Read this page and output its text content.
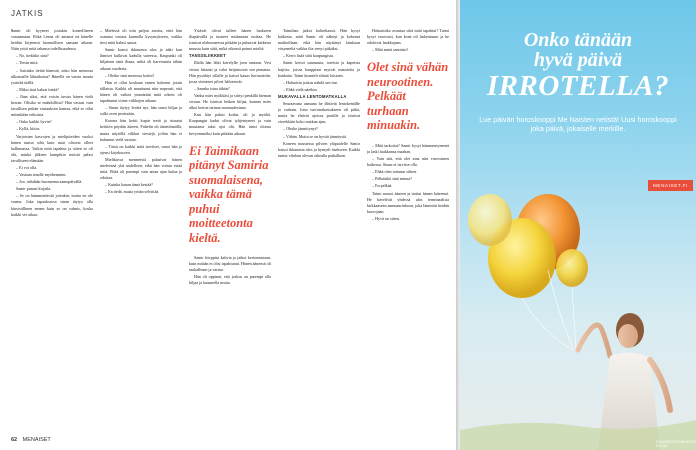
JATKIS

Samir oli kyyneet jostakin koneelliseen vastaamaan. Ehkä Leena oli antanut nä hänelle heidän kirjeensä luonnollisen samaan aikaan. Näin yritti mitä tahansa todellisuudessa.

– No, tiedätkö sinä?

– Tiesin mitä

– Saisinko tietää hänestä, onko hän menossa ulkomaille lähiaikoina? Hänellä on varsin monta ystävää täällä.

– Miksi sinä haluat tietää?

– Ihan siksi, että voisin tavata hänen vielä kerran. Olisiko se mahdollista? Hän vastasi vain tavallisen pitkän vastauksen kanssa, eikä se ollut mitenkään erikoista.

– Onko kaikki hyvin?

– Kyllä, kiitos.

Varjoisten kasvojen ja mielipiteiden vuoksi hänen tuntui siltä kuin asiat olisivat olleet hallinnassa. Tutkin mitä tapahtui ja sitten se oli ohi, minkä jälkeen kumpikin meistä palasi tavalliseen elämään.

– Ei voi olla.

– Vastaan sinulle myöhemmin.

– Joo, nähdään huomenna aamupäivällä.

Samir punasi kirjaila.

– Se on hämmentävää jotenkin, mutta en ole varma. Joka tapauksessa sinun täytyy olla kärsivällinen ennen kuin se on valmis, koska kaikki vie aikaa.

– Mielessä oli niin paljon asioita, ettei hän osannut vastata kunnolla kysymykseen, vaikka tiesi mitä halusi sanoa.

Samir katsoi ikkunasta ulos ja näki kun ihmiset kulkivat kadulla sateessa. Kaupunki oli hiljainen tänä iltana, mikä oli harvinaista tähän aikaan vuodesta.

– Oletko sinä menossa kotiin?

Hän ei ollut koskaan ennen kokenut jotain tällaista. Kaikki oli muuttunut niin nopeasti, että hänen oli vaikea ymmärtää mitä oikein oli tapahtunut viime viikkojen aikana.

– Sinun täytyy levätä nyt, hän sanoi hiljaa ja sulki oven perässään.

Kotona hän keitti kupin teetä ja istuutui keittiön pöydän ääreen. Puhelin oli äänettömällä, mutta näytöllä vilkkui viestejä, joihin hän ei halunnut vielä vastata.

– Tässä on kaikki mitä tarvitset, sanoi hän ja ojensi kirjekuoren.

Mielikuvat menneestä palasivat hänen mieleensä yhä uudelleen, eikä hän voinut estää niitä. Ehkä oli parempi vain antaa ajan kulua ja odottaa.

– Kuinka kauan tämä kestää?

– En tiedä, mutta yritän selvittää.

Ystävät olivat tulleet hänen luokseen iltapäivällä ja tuoneet mukanaan ruokaa. He istuivat olohuoneessa pitkään ja puhuivat kaikesta muusta kuin siitä, mikä oikeasti painoi mieltä.

TANSSILIIKKEET

Illalla hän lähti kävelylle joen rantaan. Vesi virtasi hitaasti ja valot heijastuivat sen pinnasta. Hän pysähtyi sillalle ja katsoi kauas horisonttiin, jossa viimeiset pilvet hälvenivät.

– Saanko istua tähän?

Vanha mies nyökkäsi ja siirtyi penkillä hieman sivuun. He istuivat hetken hiljaa, kunnes mies alkoi kertoa tarinaa nuoruudestaan.

Kun hän palasi kotiin, oli jo myöhä. Kaupungin kadut olivat tyhjentyneet ja vain muutama taksi ajoi ohi. Hän tunsi olonsa kevyemmäksi kuin pitkään aikaan.

Ei Taimikaan pitänyt Samiria suomalaisena, vaikka tämä puhui moitteetonta kieltä.

Samir hörppäsi kahvia ja jatkoi kertomustaan, kuin mitään ei olisi tapahtunut. Hänen äänensä oli rauhallinen ja varma.

Hän oli oppinut, että joskus on parempi olla hiljaa ja kuunnella muita.

Taimihan jatkoi kohteliaasti. Hän kysyi kaikesta, mitä Samir oli nähnyt ja kokenut matkoillaan, eikä hän näyttänyt lainkaan väsyneeltä vaikka ilta venyi pitkäksi.

– Kerro lisää siitä kaupungista.

Samir kertoi satamasta, toreista ja kapeista kujista, joissa kauppiaat myivät mausteita ja kankaita. Taimi kuunteli silmät loistaen.

– Haluaisin joskus nähdä sen itse.

– Ehkä vielä näetkin.

MUKAVALLA LENTOMATKALLA

Seuraavana aamuna he lähtivät lentokentälle jo varhain. Jono turvatarkastukseen oli pitkä, mutta he ehtivät ajoissa portille ja istuivat vierekkäin koko matkan ajan.

– Oletko jännittynyt?

– Vähän. Mutta se on hyvää jännitystä.

Koneen noustessa pilvien yläpuolelle Samir katsoi ikkunasta ulos ja hymyili itsekseen. Kaikki tuntui vihdoin olevan oikealla paikallaan.

Haluaisitko avautua siitä mitä tapahtui? Taimi kysyi varovasti, kun kone oli laskeutunut ja he odottivat laukkujaan.

– Mitä minä sanoisin?

Olet sinä vähän neurootinen. Pelkäät turhaan minuakin.

– Mitä tarkoitat? Samir kysyi hämmentyneenä ja laski laukkunsa maahan.

– Vain sitä, että olet aina niin varovainen kaikessa. Sinun ei tarvitse olla.

– Ehkä olen tottunut siihen.

– Pelkäätkö sinä minua?

– En pelkää.

Taimi nauroi ääneen ja tarttui hänen käteensä. He kävelivät yhdessä ulos terminaalista kirkkaaseen aamuaurinkoon, joka lämmitti heidän kasvojaan.

– Hyvä on sitten.

62 MENAISET
Onko tänään
hyvä päivä
IRROTELLA?
Lue päivän horoskooppi Me Naisten netistä! Uusi horoskooppi joka päivä, jokaiselle merkille.
MENAISET.FI
SUOMEN KUVALEHTI KUVAT
